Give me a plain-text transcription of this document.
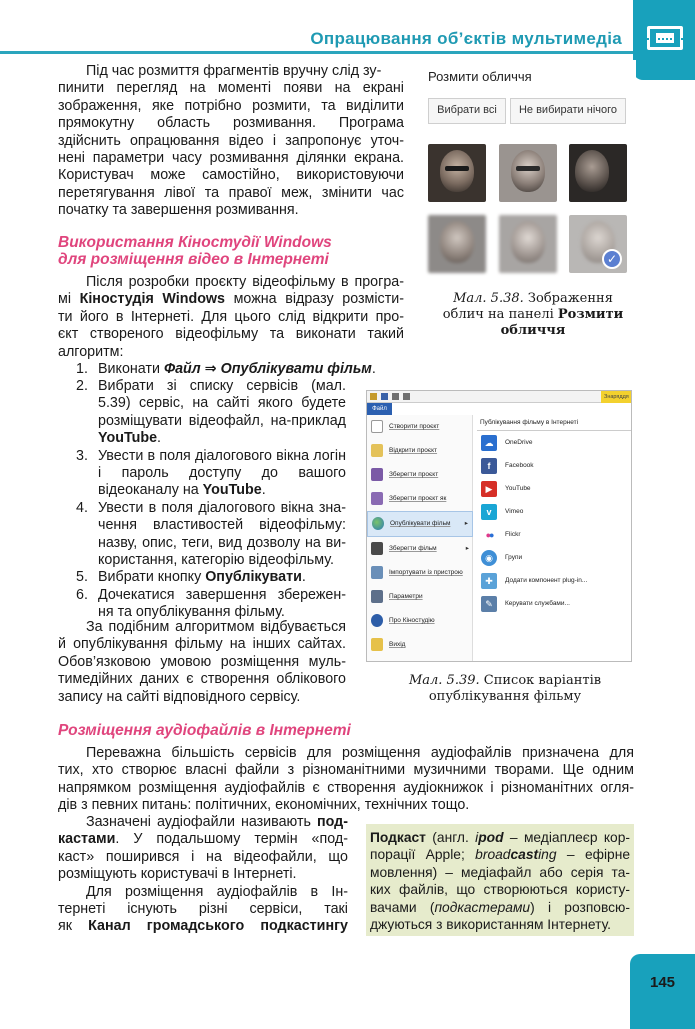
Опрацювання об’єктів мультимедіа
Під час розмиття фрагментів вручну слід зу-
пинити перегляд на моменті появи на екрані
зображення, яке потрібно розмити, та виділити
прямокутну область розмивання. Програма
здійснить опрацювання відео і запропонує уточ-
нені параметри часу розмивання ділянки екрана.
Користувач може самостійно, використовуючи
перетягування лівої та правої меж, змінити час
початку та завершення розмивання.
Розмити обличчя
Вибрати всі	Не вибирати нічого
✓
Мал. 5.38. Зображення
облич на панелі Розмити
обличчя
Використання Кіностудії Windows
для розміщення відео в Інтернеті
Після розробки проєкту відеофільму в програ-
мі Кіностудія Windows можна відразу розмісти-
ти його в Інтернеті. Для цього слід відкрити про-
єкт створеного відеофільму та виконати такий
алгоритм:
1. Виконати Файл ⇒ Опублікувати фільм.
2. Вибрати зі списку сервісів (мал. 5.39) сервіс, на сайті якого будете розміщувати відеофайл, на-приклад YouTube.
3. Увести в поля діалогового вікна логін і пароль доступу до вашого відеоканалу на YouTube.
4. Увести в поля діалогового вікна зна-чення властивостей відеофільму: назву, опис, теги, вид дозволу на ви-користання, категорію відеофільму.
5. Вибрати кнопку Опублікувати.
6. Дочекатися завершення збережен-ня та опублікування фільму.
За подібним алгоритмом відбувається
й опублікування фільму на інших сайтах.
Обов’язковою умовою розміщення муль-
тимедійних даних є створення облікового
запису на сайті відповідного сервісу.
Знаряддя
Файл
Створити проєкт
Відкрити проєкт
Зберегти проєкт
Зберегти проєкт як
Опублікувати фільм ▸
Зберегти фільм	▸
Імпортувати із пристрою
Параметри
Про Кіностудію
Вихід
Публікування фільму в Інтернеті
☁	OneDrive
f	Facebook
▶	YouTube
v	Vimeo
●●	Flickr
◉	Групи
✚	Додати компонент plug-in...
✎	Керувати службами...
Мал. 5.39. Список варіантів
опублікування фільму
Розміщення аудіофайлів в Інтернеті
Переважна більшість сервісів для розміщення аудіофайлів призначена для
тих, хто створює власні файли з різноманітними музичними творами. Ще одним
напрямком розміщення аудіофайлів є створення аудіокнижок і різноманітних огля-
дів з певних питань: політичних, економічних, технічних тощо.
Зазначені аудіофайли називають под-
кастами. У подальшому термін «под-
каст» поширився і на відеофайли, що
розміщують користувачі в Інтернеті.
Для розміщення аудіофайлів в Ін-
тернеті існують різні сервіси, такі
як Канал громадського подкастингу
Подкаст (англ. ipod – медіаплеєр кор-
порації Apple; broadcasting – ефірне
мовлення) – медіафайл або серія та-
ких файлів, що створюються користу-
вачами (подкастерами) і розповсю-
джуються з використанням Інтернету.
145
